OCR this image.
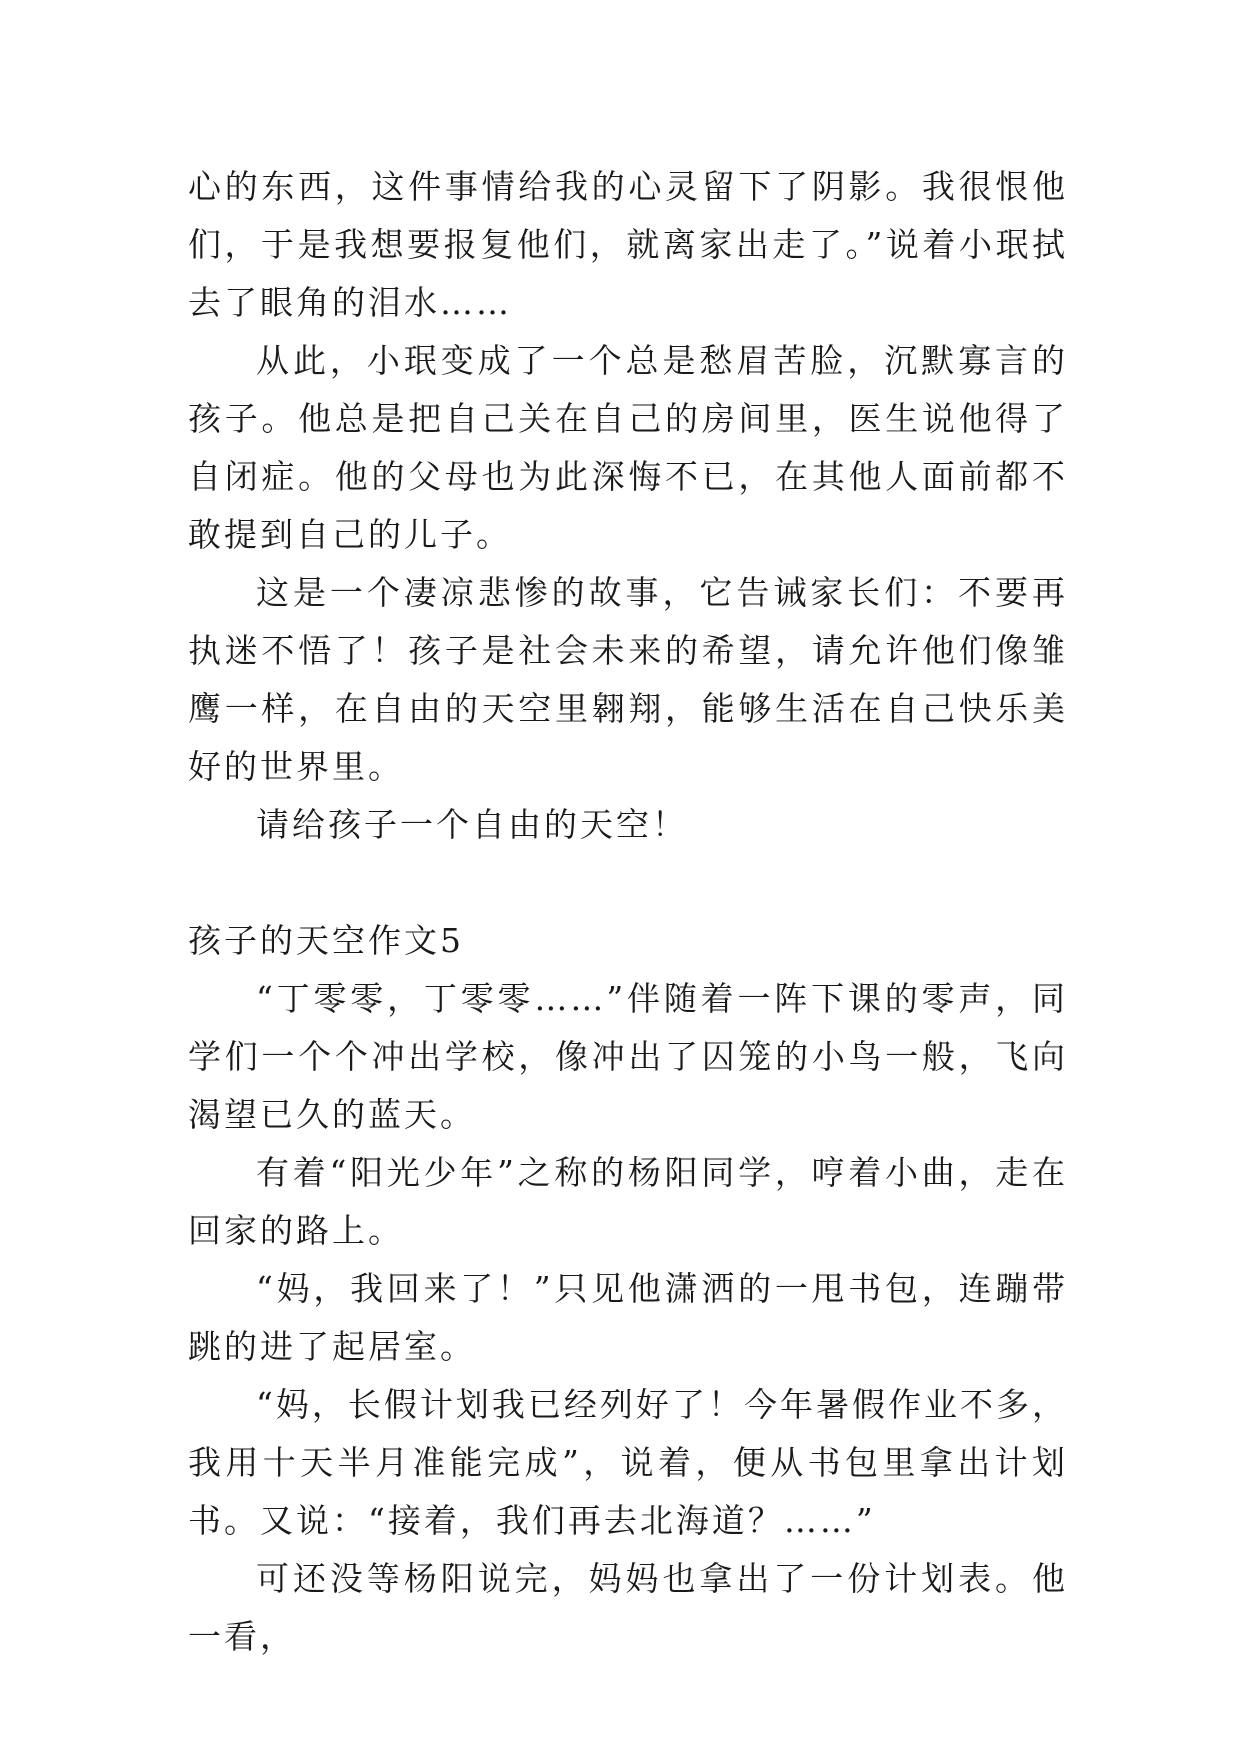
心的东西，这件事情给我的心灵留下了阴影。我很恨他们，于是我想要报复他们，就离家出走了。”说着小珉拭去了眼角的泪水……

从此，小珉变成了一个总是愁眉苦脸，沉默寡言的孩子。他总是把自己关在自己的房间里，医生说他得了自闭症。他的父母也为此深悔不已，在其他人面前都不敢提到自己的儿子。

这是一个凄凉悲惨的故事，它告诫家长们：不要再执迷不悟了！孩子是社会未来的希望，请允许他们像雏鹰一样，在自由的天空里翱翔，能够生活在自己快乐美好的世界里。

请给孩子一个自由的天空！

孩子的天空作文5

“丁零零，丁零零……”伴随着一阵下课的零声，同学们一个个冲出学校，像冲出了囚笼的小鸟一般，飞向渴望已久的蓝天。

有着“阳光少年”之称的杨阳同学，哼着小曲，走在回家的路上。

“妈，我回来了！”只见他潇洒的一甩书包，连蹦带跳的进了起居室。

“妈，长假计划我已经列好了！今年暑假作业不多，我用十天半月准能完成”，说着，便从书包里拿出计划书。又说：“接着，我们再去北海道？……”

可还没等杨阳说完，妈妈也拿出了一份计划表。他一看，
